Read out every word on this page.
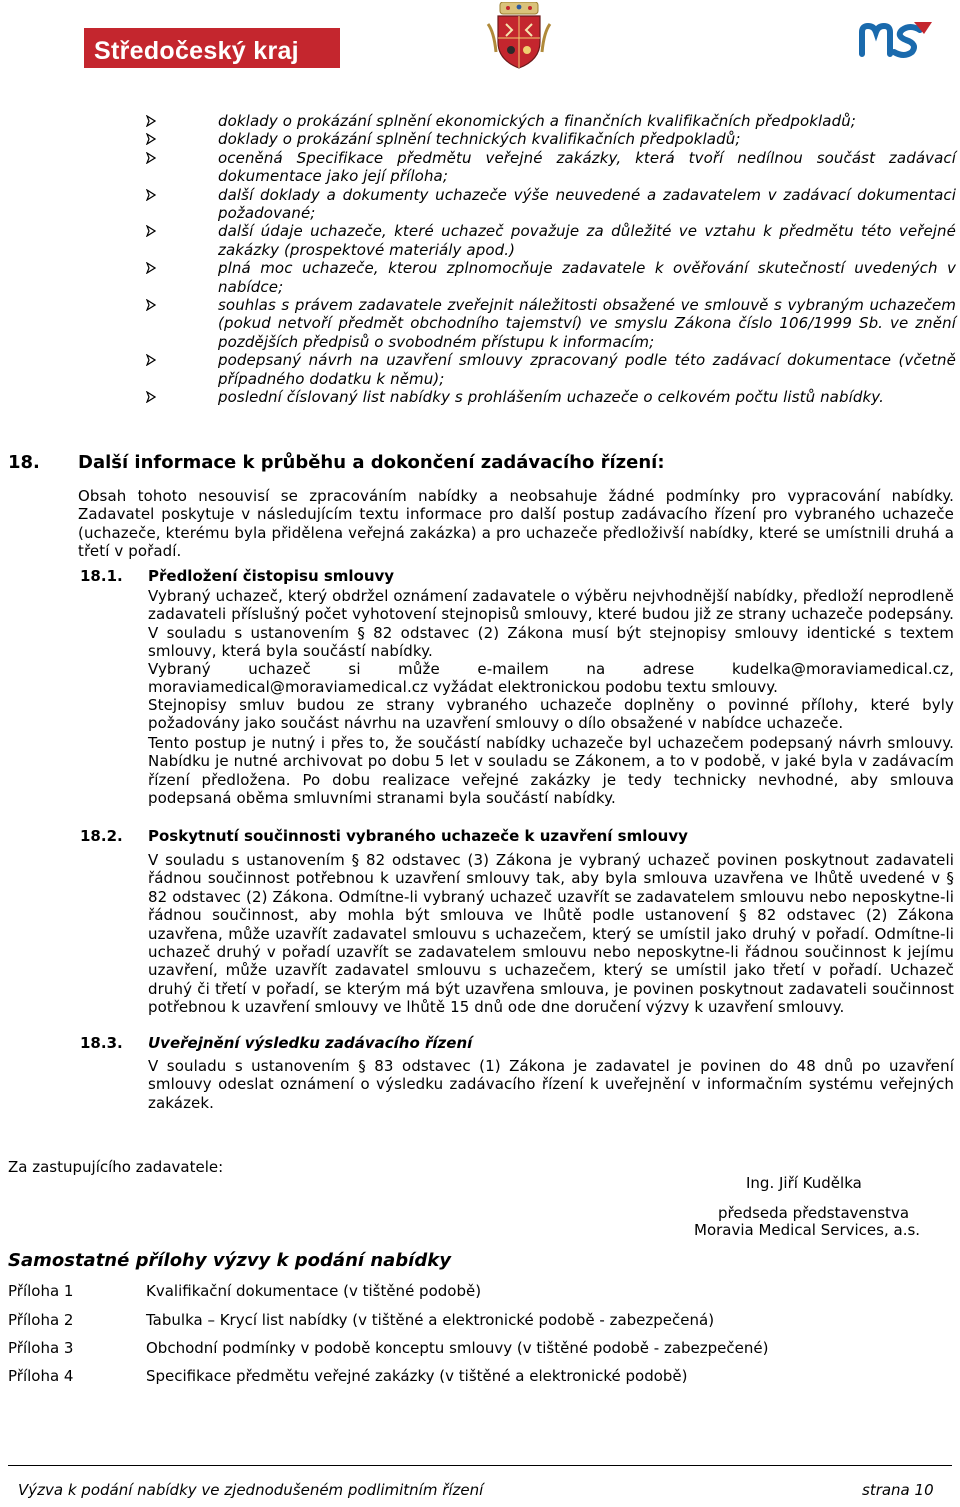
Středočeský kraj
doklady o prokázání splnění ekonomických a finančních kvalifikačních předpokladů;
doklady o prokázání splnění technických kvalifikačních předpokladů;
oceněná Specifikace předmětu veřejné zakázky, která tvoří nedílnou součást zadávací dokumentace jako její příloha;
další doklady a dokumenty uchazeče výše neuvedené a zadavatelem v zadávací dokumentaci požadované;
další údaje uchazeče, které uchazeč považuje za důležité ve vztahu k předmětu této veřejné zakázky (prospektové materiály apod.)
plná moc uchazeče, kterou zplnomocňuje zadavatele k ověřování skutečností uvedených v nabídce;
souhlas s právem zadavatele zveřejnit náležitosti obsažené ve smlouvě s vybraným uchazečem (pokud netvoří předmět obchodního tajemství) ve smyslu Zákona číslo 106/1999 Sb. ve znění pozdějších předpisů o svobodném přístupu k informacím;
podepsaný návrh na uzavření smlouvy zpracovaný podle této zadávací dokumentace (včetně případného dodatku k němu);
poslední číslovaný list nabídky s prohlášením uchazeče o celkovém počtu listů nabídky.
18. Další informace k průběhu a dokončení zadávacího řízení:
Obsah tohoto nesouvisí se zpracováním nabídky a neobsahuje žádné podmínky pro vypracování nabídky. Zadavatel poskytuje v následujícím textu informace pro další postup zadávacího řízení pro vybraného uchazeče (uchazeče, kterému byla přidělena veřejná zakázka) a pro uchazeče předloživší nabídky, které se umístnili druhá a třetí v pořadí.
18.1. Předložení čistopisu smlouvy
Vybraný uchazeč, který obdržel oznámení zadavatele o výběru nejvhodnější nabídky, předloží neprodleně zadavateli příslušný počet vyhotovení stejnopisů smlouvy, které budou již ze strany uchazeče podepsány. V souladu s ustanovením § 82 odstavec (2) Zákona musí být stejnopisy smlouvy identické s textem smlouvy, která byla součástí nabídky.
Vybraný uchazeč si může e-mailem na adrese kudelka@moraviamedical.cz, moraviamedical@moraviamedical.cz vyžádat elektronickou podobu textu smlouvy.
Stejnopisy smluv budou ze strany vybraného uchazeče doplněny o povinné přílohy, které byly požadovány jako součást návrhu na uzavření smlouvy o dílo obsažené v nabídce uchazeče.
Tento postup je nutný i přes to, že součástí nabídky uchazeče byl uchazečem podepsaný návrh smlouvy. Nabídku je nutné archivovat po dobu 5 let v souladu se Zákonem, a to v podobě, v jaké byla v zadávacím řízení předložena. Po dobu realizace veřejné zakázky je tedy technicky nevhodné, aby smlouva podepsaná oběma smluvními stranami byla součástí nabídky.
18.2. Poskytnutí součinnosti vybraného uchazeče k uzavření smlouvy
V souladu s ustanovením § 82 odstavec (3) Zákona je vybraný uchazeč povinen poskytnout zadavateli řádnou součinnost potřebnou k uzavření smlouvy tak, aby byla smlouva uzavřena ve lhůtě uvedené v § 82 odstavec (2) Zákona. Odmítne-li vybraný uchazeč uzavřít se zadavatelem smlouvu nebo neposkytne-li řádnou součinnost, aby mohla být smlouva ve lhůtě podle ustanovení § 82 odstavec (2) Zákona uzavřena, může uzavřít zadavatel smlouvu s uchazečem, který se umístil jako druhý v pořadí. Odmítne-li uchazeč druhý v pořadí uzavřít se zadavatelem smlouvu nebo neposkytne-li řádnou součinnost k jejímu uzavření, může uzavřít zadavatel smlouvu s uchazečem, který se umístil jako třetí v pořadí. Uchazeč druhý či třetí v pořadí, se kterým má být uzavřena smlouva, je povinen poskytnout zadavateli součinnost potřebnou k uzavření smlouvy ve lhůtě 15 dnů ode dne doručení výzvy k uzavření smlouvy.
18.3. Uveřejnění výsledku zadávacího řízení
V souladu s ustanovením § 83 odstavec (1) Zákona je zadavatel je povinen do 48 dnů po uzavření smlouvy odeslat oznámení o výsledku zadávacího řízení k uveřejnění v informačním systému veřejných zakázek.
Za zastupujícího zadavatele:
Ing. Jiří Kudělka
předseda představenstva
Moravia Medical Services, a.s.
Samostatné přílohy výzvy k podání nabídky
Příloha 1	Kvalifikační dokumentace (v tištěné podobě)
Příloha 2	Tabulka – Krycí list nabídky (v tištěné a elektronické podobě - zabezpečená)
Příloha 3	Obchodní podmínky v podobě konceptu smlouvy (v tištěné podobě - zabezpečené)
Příloha 4	Specifikace předmětu veřejné zakázky (v tištěné a elektronické podobě)
Výzva k podání nabídky ve zjednodušeném podlimitním řízení	strana 10
